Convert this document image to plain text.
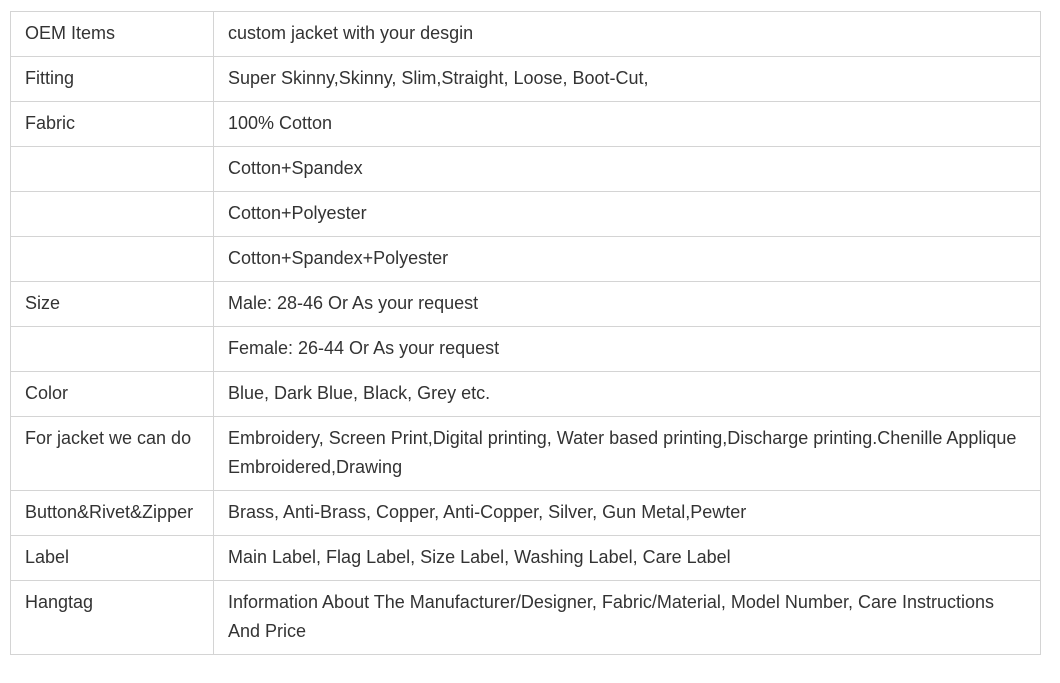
OEM Items	custom jacket with your desgin
Fitting	Super Skinny,Skinny, Slim,Straight, Loose, Boot-Cut,
Fabric	100% Cotton
	Cotton+Spandex
	Cotton+Polyester
	Cotton+Spandex+Polyester
Size	Male: 28-46 Or As your request
	Female: 26-44 Or As your request
Color	Blue, Dark Blue, Black, Grey etc.
For jacket we can do	Embroidery, Screen Print,Digital printing, Water based printing,Discharge printing.Chenille Applique Embroidered,Drawing
Button&Rivet&Zipper	Brass, Anti-Brass, Copper, Anti-Copper, Silver, Gun Metal,Pewter
Label	Main Label, Flag Label, Size Label, Washing Label, Care Label
Hangtag	Information About The Manufacturer/Designer, Fabric/Material, Model Number, Care Instructions And Price
